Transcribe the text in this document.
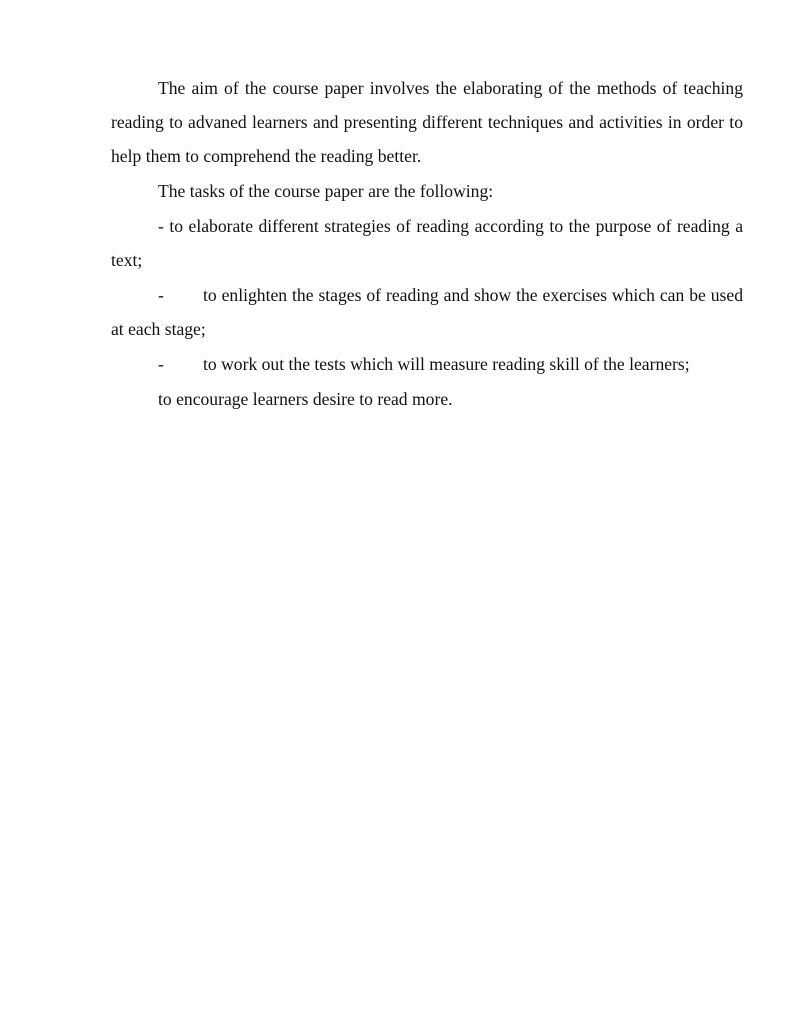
The aim of the course paper involves the elaborating of the methods of teaching reading to advaned learners and presenting different techniques and activities in order to help them to comprehend the reading better.

The tasks of the course paper are the following:

- to elaborate different strategies of reading according to the purpose of reading a text;

- to enlighten the stages of reading and show the exercises which can be used at each stage;

- to work out the tests which will measure reading skill of the learners;

to encourage learners desire to read more.
